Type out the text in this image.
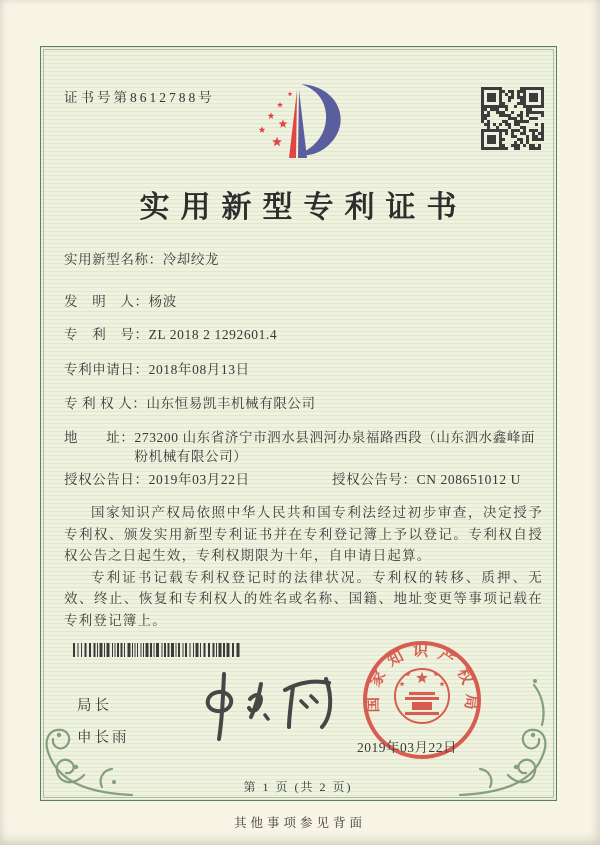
证书号第8612788号
实用新型专利证书
实用新型名称： 冷却绞龙
发　明　人： 杨波
专　利　号： ZL 2018 2 1292601.4
专利申请日： 2018年08月13日
专 利 权 人： 山东恒易凯丰机械有限公司
地　　址： 273200 山东省济宁市泗水县泗河办泉福路西段（山东泗水鑫峰面粉机械有限公司）
授权公告日： 2019年03月22日	授权公告号： CN 208651012 U

国家知识产权局依照中华人民共和国专利法经过初步审查，决定授予专利权、颁发实用新型专利证书并在专利登记簿上予以登记。专利权自授权公告之日起生效，专利权期限为十年，自申请日起算。

专利证书记载专利权登记时的法律状况。专利权的转移、质押、无效、终止、恢复和专利权人的姓名或名称、国籍、地址变更等事项记载在专利登记簿上。

局长
申长雨
国家知识产权局
2019年03月22日
第 1 页 (共 2 页)
其他事项参见背面
